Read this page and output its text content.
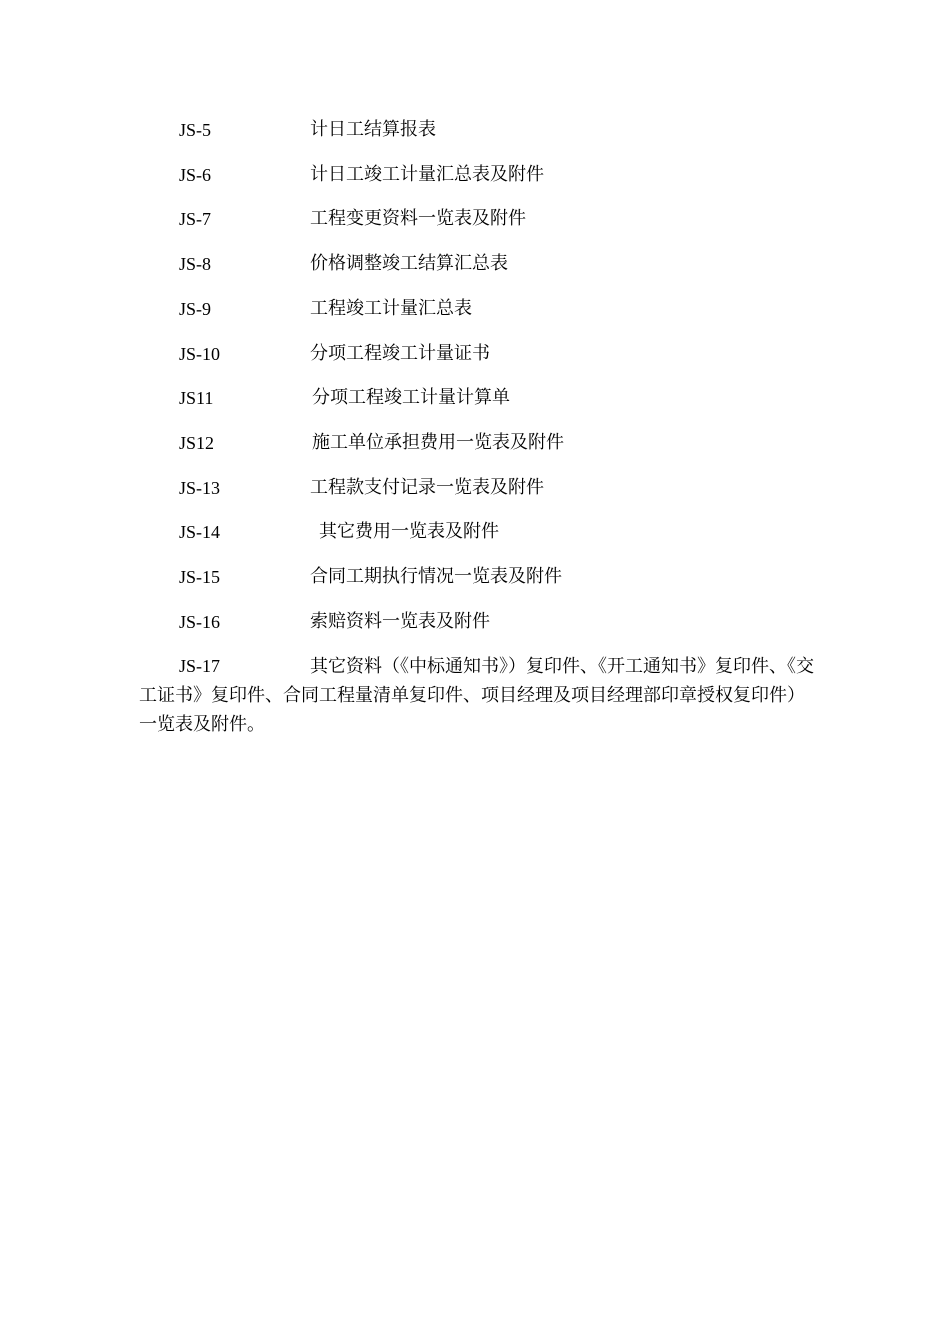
JS-5	计日工结算报表
JS-6	计日工竣工计量汇总表及附件
JS-7	工程变更资料一览表及附件
JS-8	价格调整竣工结算汇总表
JS-9	工程竣工计量汇总表
JS-10	分项工程竣工计量证书
JS11	分项工程竣工计量计算单
JS12	施工单位承担费用一览表及附件
JS-13	工程款支付记录一览表及附件
JS-14	其它费用一览表及附件
JS-15	合同工期执行情况一览表及附件
JS-16	索赔资料一览表及附件
JS-17	其它资料（《中标通知书》）复印件、《开工通知书》复印件、《交工证书》复印件、合同工程量清单复印件、项目经理及项目经理部印章授权复印件）一览表及附件。
